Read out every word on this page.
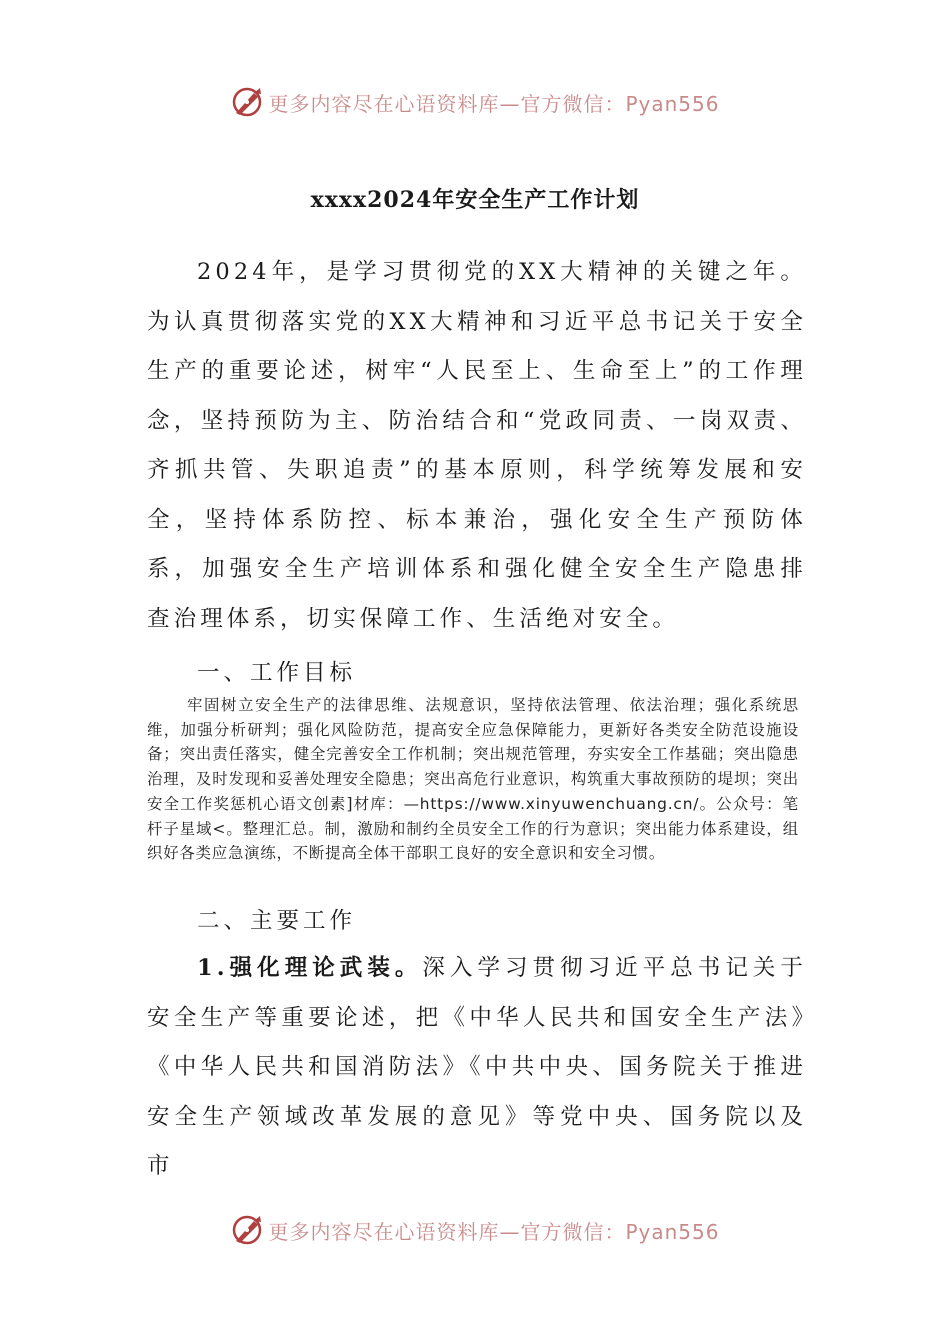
更多内容尽在心语资料库—官方微信：Pyan556
xxxx2024年安全生产工作计划

2024年，是学习贯彻党的XX大精神的关键之年。为认真贯彻落实党的XX大精神和习近平总书记关于安全生产的重要论述，树牢“人民至上、生命至上”的工作理念，坚持预防为主、防治结合和“党政同责、一岗双责、齐抓共管、失职追责”的基本原则，科学统筹发展和安全，坚持体系防控、标本兼治，强化安全生产预防体系，加强安全生产培训体系和强化健全安全生产隐患排查治理体系，切实保障工作、生活绝对安全。

一、工作目标

牢固树立安全生产的法律思维、法规意识，坚持依法管理、依法治理；强化系统思维，加强分析研判；强化风险防范，提高安全应急保障能力，更新好各类安全防范设施设备；突出责任落实，健全完善安全工作机制；突出规范管理，夯实安全工作基础；突出隐患治理，及时发现和妥善处理安全隐患；突出高危行业意识，构筑重大事故预防的堤坝；突出安全工作奖惩机心语文创素]材库：—https://www.xinyuwenchuang.cn/。公众号：笔杆子星域<。整理汇总。制，激励和制约全员安全工作的行为意识；突出能力体系建设，组织好各类应急演练，不断提高全体干部职工良好的安全意识和安全习惯。

二、主要工作

1.强化理论武装。深入学习贯彻习近平总书记关于安全生产等重要论述，把《中华人民共和国安全生产法》《中华人民共和国消防法》《中共中央、国务院关于推进安全生产领域改革发展的意见》等党中央、国务院以及市

更多内容尽在心语资料库—官方微信：Pyan556
